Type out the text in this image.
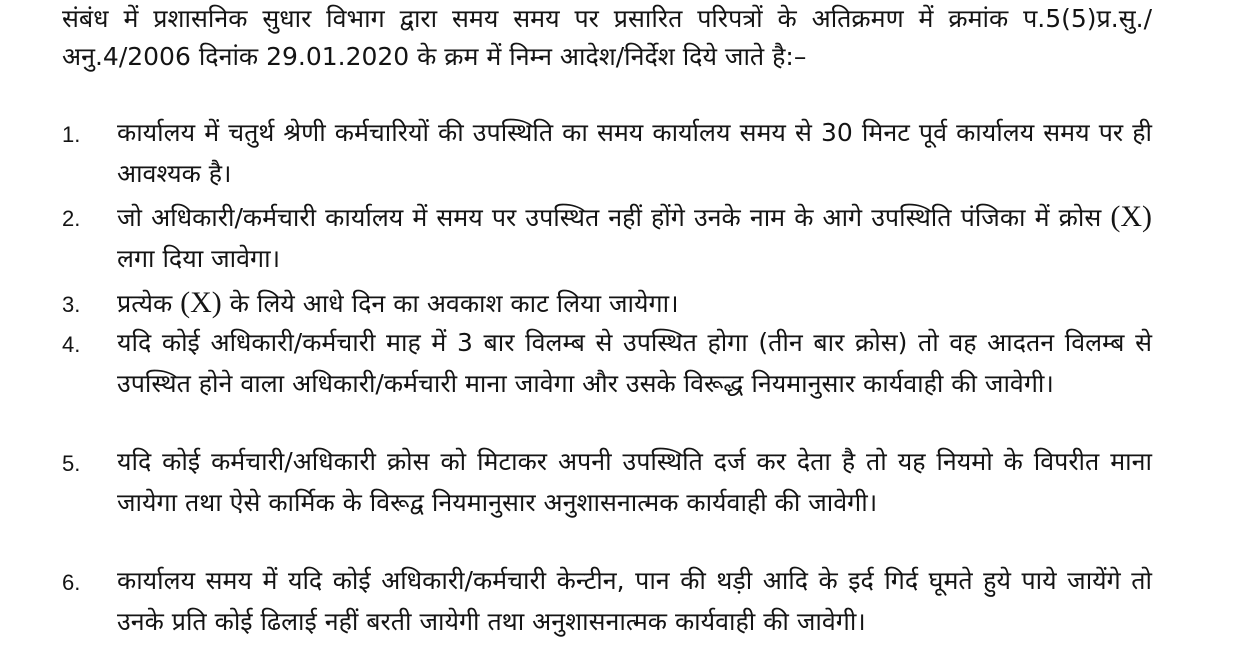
संबंध में प्रशासनिक सुधार विभाग द्वारा समय समय पर प्रसारित परिपत्रों के अतिक्रमण में क्रमांक प.5(5)प्र.सु./अनु.4/2006 दिनांक 29.01.2020 के क्रम में निम्न आदेश/निर्देश दिये जाते है:–
1.	कार्यालय में चतुर्थ श्रेणी कर्मचारियों की उपस्थिति का समय कार्यालय समय से 30 मिनट पूर्व कार्यालय समय पर ही आवश्यक है।
2.	जो अधिकारी/कर्मचारी कार्यालय में समय पर उपस्थित नहीं होंगे उनके नाम के आगे उपस्थिति पंजिका में क्रोस (X) लगा दिया जावेगा।
3.	प्रत्येक (X) के लिये आधे दिन का अवकाश काट लिया जायेगा।
4.	यदि कोई अधिकारी/कर्मचारी माह में 3 बार विलम्ब से उपस्थित होगा (तीन बार क्रोस) तो वह आदतन विलम्ब से उपस्थित होने वाला अधिकारी/कर्मचारी माना जावेगा और उसके विरूद्ध नियमानुसार कार्यवाही की जावेगी।
5.	यदि कोई कर्मचारी/अधिकारी क्रोस को मिटाकर अपनी उपस्थिति दर्ज कर देता है तो यह नियमो के विपरीत माना जायेगा तथा ऐसे कार्मिक के विरूद्व नियमानुसार अनुशासनात्मक कार्यवाही की जावेगी।
6.	कार्यालय समय में यदि कोई अधिकारी/कर्मचारी केन्टीन, पान की थड़ी आदि के इर्द गिर्द घूमते हुये पाये जायेंगे तो उनके प्रति कोई ढिलाई नहीं बरती जायेगी तथा अनुशासनात्मक कार्यवाही की जावेगी।
